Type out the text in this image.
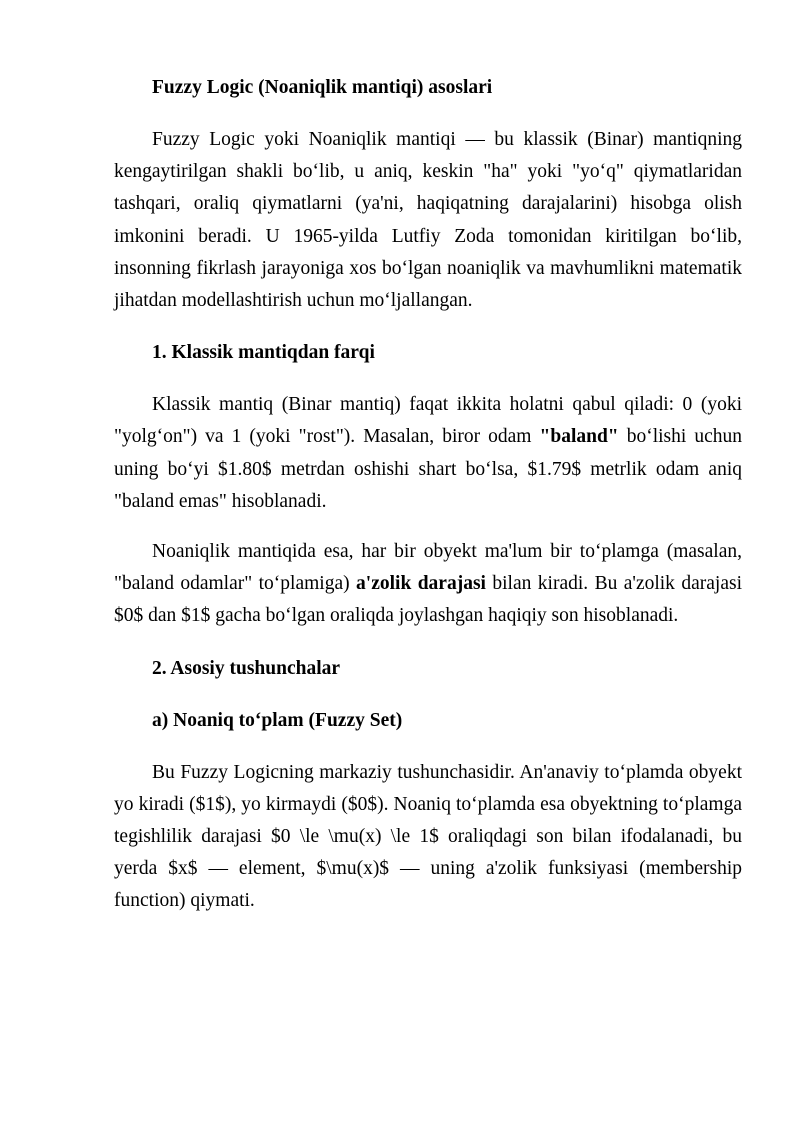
Fuzzy Logic (Noaniqlik mantiqi) asoslari

Fuzzy Logic yoki Noaniqlik mantiqi — bu klassik (Binar) mantiqning kengaytirilgan shakli bo‘lib, u aniq, keskin "ha" yoki "yo‘q" qiymatlaridan tashqari, oraliq qiymatlarni (ya'ni, haqiqatning darajalarini) hisobga olish imkonini beradi. U 1965-yilda Lutfiy Zoda tomonidan kiritilgan bo‘lib, insonning fikrlash jarayoniga xos bo‘lgan noaniqlik va mavhumlikni matematik jihatdan modellashtirish uchun mo‘ljallangan.

1. Klassik mantiqdan farqi

Klassik mantiq (Binar mantiq) faqat ikkita holatni qabul qiladi: 0 (yoki "yolg‘on") va 1 (yoki "rost"). Masalan, biror odam "baland" bo‘lishi uchun uning bo‘yi $1.80$ metrdan oshishi shart bo‘lsa, $1.79$ metrlik odam aniq "baland emas" hisoblanadi.

Noaniqlik mantiqida esa, har bir obyekt ma'lum bir to‘plamga (masalan, "baland odamlar" to‘plamiga) a'zolik darajasi bilan kiradi. Bu a'zolik darajasi $0$ dan $1$ gacha bo‘lgan oraliqda joylashgan haqiqiy son hisoblanadi.

2. Asosiy tushunchalar

a) Noaniq to‘plam (Fuzzy Set)

Bu Fuzzy Logicning markaziy tushunchasidir. An'anaviy to‘plamda obyekt yo kiradi ($1$), yo kirmaydi ($0$). Noaniq to‘plamda esa obyektning to‘plamga tegishlilik darajasi $0 \le \mu(x) \le 1$ oraliqdagi son bilan ifodalanadi, bu yerda $x$ — element, $\mu(x)$ — uning a'zolik funksiyasi (membership function) qiymati.
